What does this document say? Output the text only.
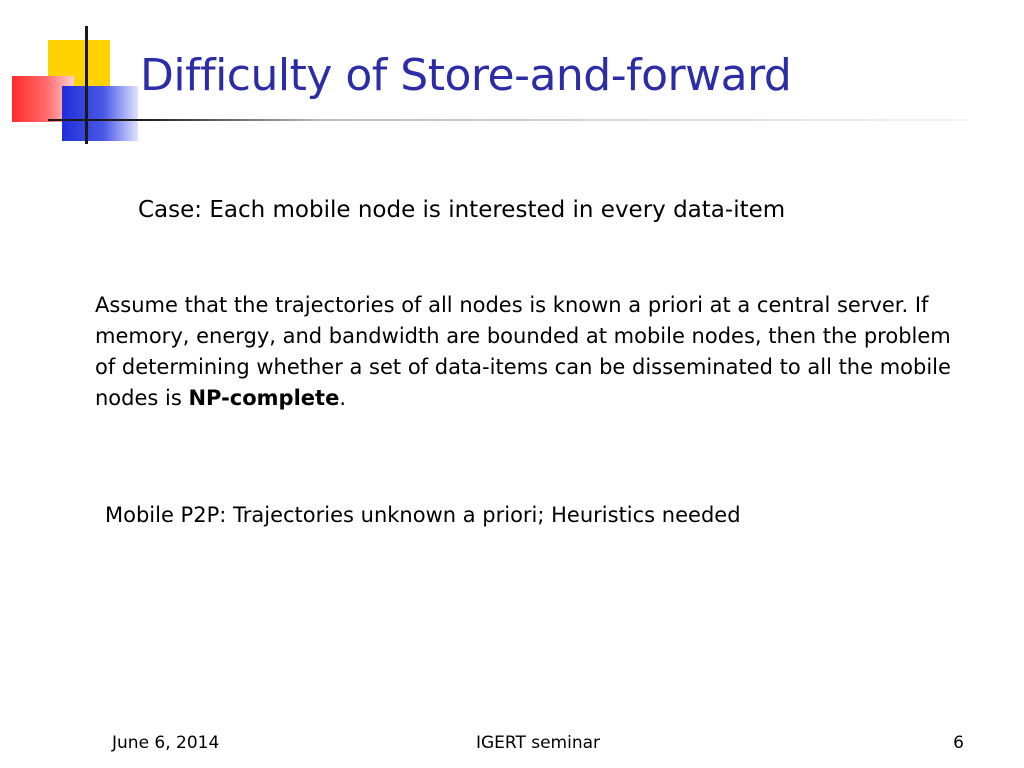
Difficulty of Store-and-forward

Case: Each mobile node is interested in every data-item

Assume that the trajectories of all nodes is known a priori at a central server. If memory, energy, and bandwidth are bounded at mobile nodes, then the problem of determining whether a set of data-items can be disseminated to all the mobile nodes is NP-complete.

Mobile P2P: Trajectories unknown a priori; Heuristics needed

June 6, 2014	IGERT seminar	6
